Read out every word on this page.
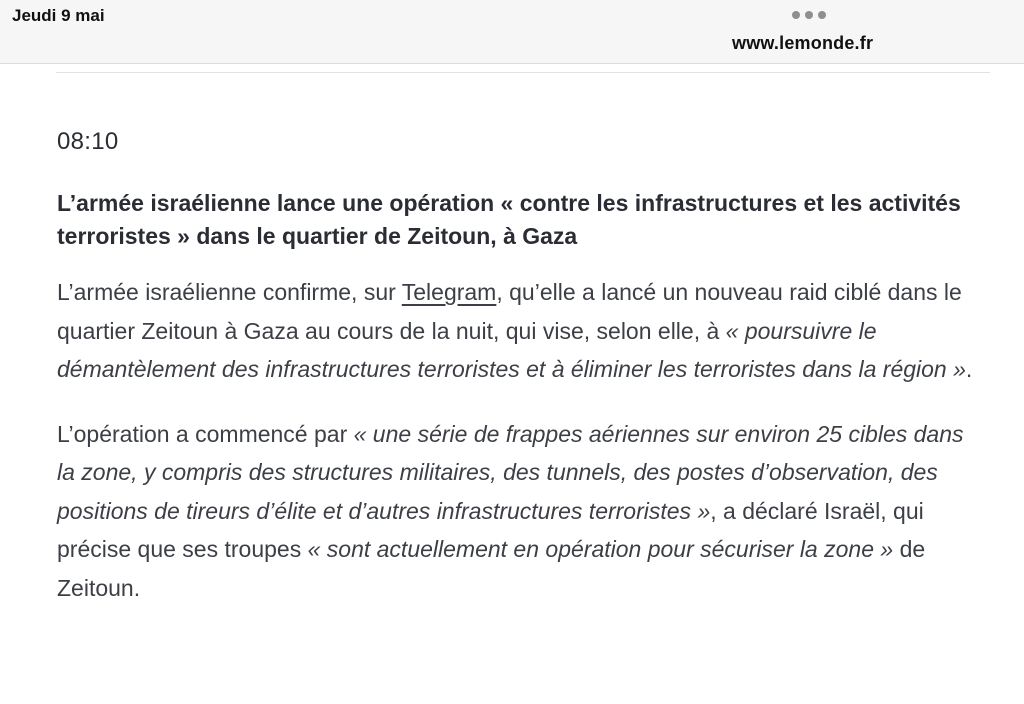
Jeudi 9 mai
www.lemonde.fr
08:10
L’armée israélienne lance une opération « contre les infrastructures et les activités terroristes » dans le quartier de Zeitoun, à Gaza

L’armée israélienne confirme, sur Telegram, qu’elle a lancé un nouveau raid ciblé dans le quartier Zeitoun à Gaza au cours de la nuit, qui vise, selon elle, à « poursuivre le démantèlement des infrastructures terroristes et à éliminer les terroristes dans la région ».

L’opération a commencé par « une série de frappes aériennes sur environ 25 cibles dans la zone, y compris des structures militaires, des tunnels, des postes d’observation, des positions de tireurs d’élite et d’autres infrastructures terroristes », a déclaré Israël, qui précise que ses troupes « sont actuellement en opération pour sécuriser la zone » de Zeitoun.
